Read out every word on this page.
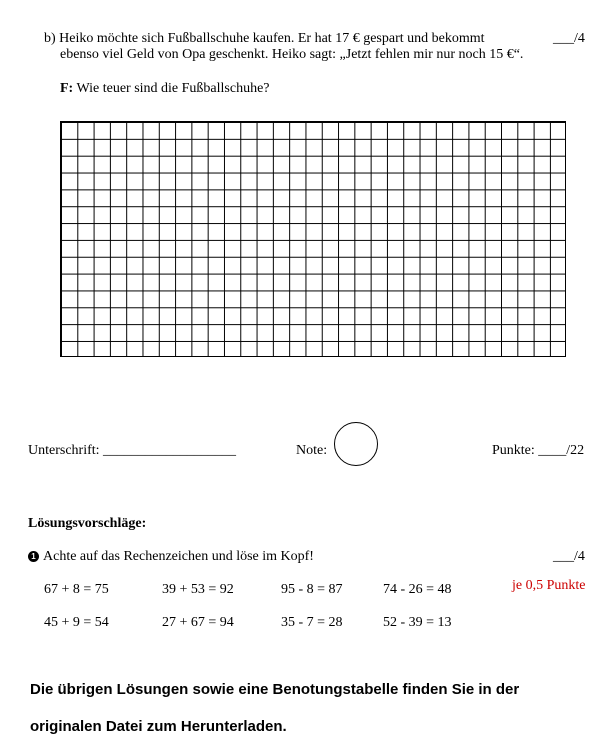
b) Heiko möchte sich Fußballschuhe kaufen. Er hat 17 € gespart und bekommt
ebenso viel Geld von Opa geschenkt. Heiko sagt: „Jetzt fehlen mir nur noch 15 €“.
___/4
F: Wie teuer sind die Fußballschuhe?
Unterschrift: ___________________	Note:	Punkte: ____/22
Lösungsvorschläge:
1 Achte auf das Rechenzeichen und löse im Kopf!	___/4
je 0,5 Punkte
67 + 8 = 75	39 + 53 = 92	95 - 8 = 87	74 - 26 = 48
45 + 9 = 54	27 + 67 = 94	35 - 7 = 28	52 - 39 = 13
Die übrigen Lösungen sowie eine Benotungstabelle finden Sie in der
originalen Datei zum Herunterladen.
